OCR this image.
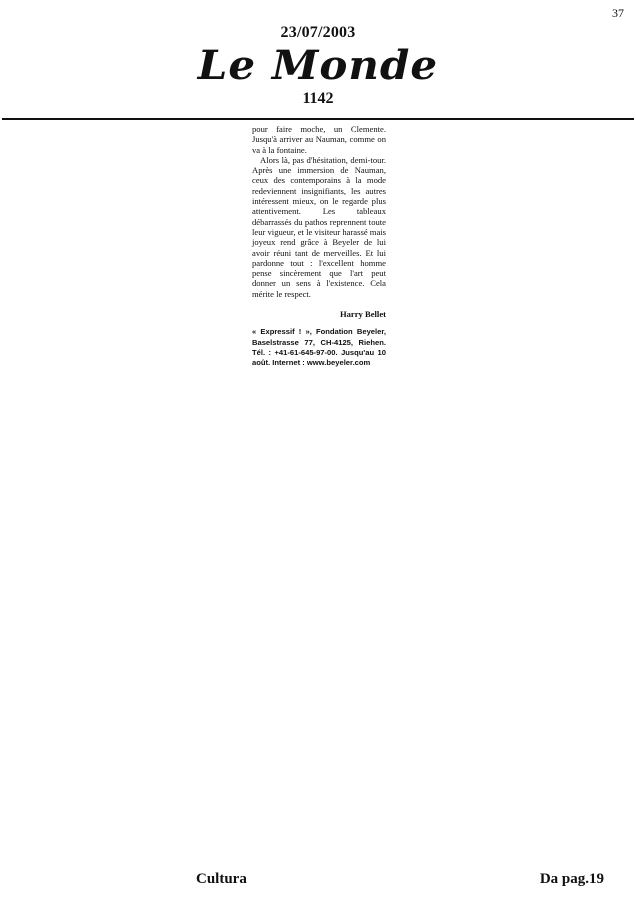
37

23/07/2003

Le Monde

1142

pour faire moche, un Clemente. Jusqu'à arriver au Nauman, comme on va à la fontaine.

Alors là, pas d'hésitation, demi-tour. Après une immersion de Nauman, ceux des contemporains à la mode redeviennent insignifiants, les autres intéressent mieux, on le regarde plus attentivement. Les tableaux débarrassés du pathos reprennent toute leur vigueur, et le visiteur harassé mais joyeux rend grâce à Beyeler de lui avoir réuni tant de merveilles. Et lui pardonne tout : l'excellent homme pense sincèrement que l'art peut donner un sens à l'existence. Cela mérite le respect.

Harry Bellet

« Expressif ! », Fondation Beyeler, Baselstrasse 77, CH-4125, Riehen. Tél. : +41-61-645-97-00. Jusqu'au 10 août. Internet : www.beyeler.com

Cultura	Da pag.19
